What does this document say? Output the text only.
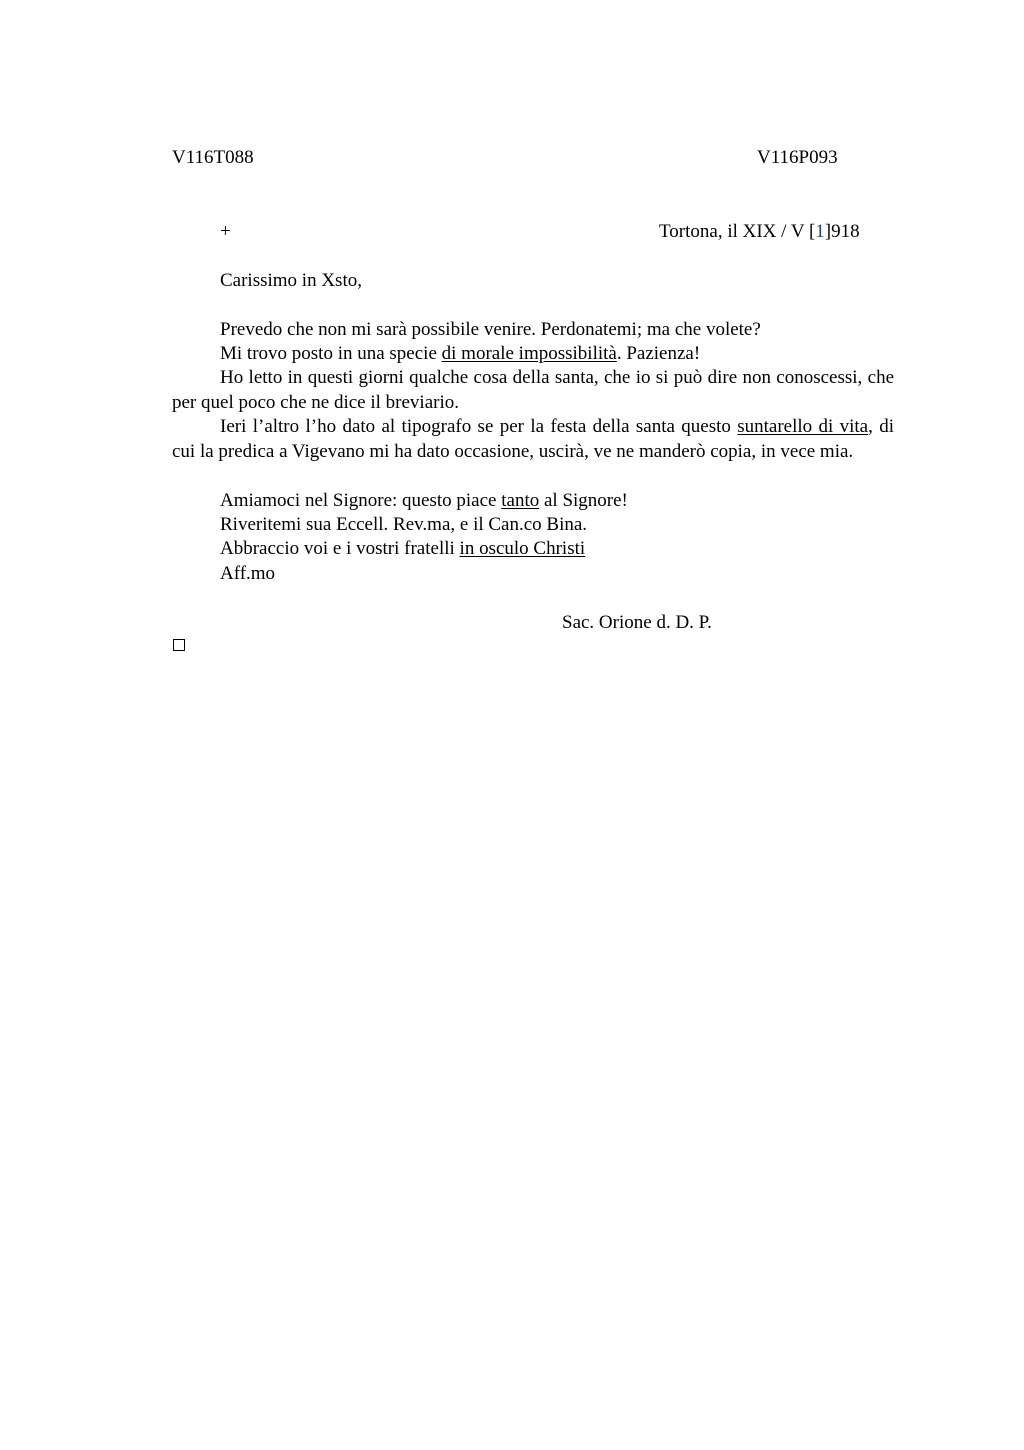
V116T088	V116P093
+	Tortona, il XIX / V [1]918
Carissimo in Xsto,
Prevedo che non mi sarà possibile venire. Perdonatemi; ma che volete?
Mi trovo posto in una specie di morale impossibilità. Pazienza!

Ho letto in questi giorni qualche cosa della santa, che io si può dire non conoscessi, che per quel poco che ne dice il breviario.

Ieri l’altro l’ho dato al tipografo se per la festa della santa questo suntarello di vita, di cui la predica a Vigevano mi ha dato occasione, uscirà, ve ne manderò copia, in vece mia.

Amiamoci nel Signore: questo piace tanto al Signore!
Riveritemi sua Eccell. Rev.ma, e il Can.co Bina.
Abbraccio voi e i vostri fratelli in osculo Christi
Aff.mo
Sac. Orione d. D. P.
